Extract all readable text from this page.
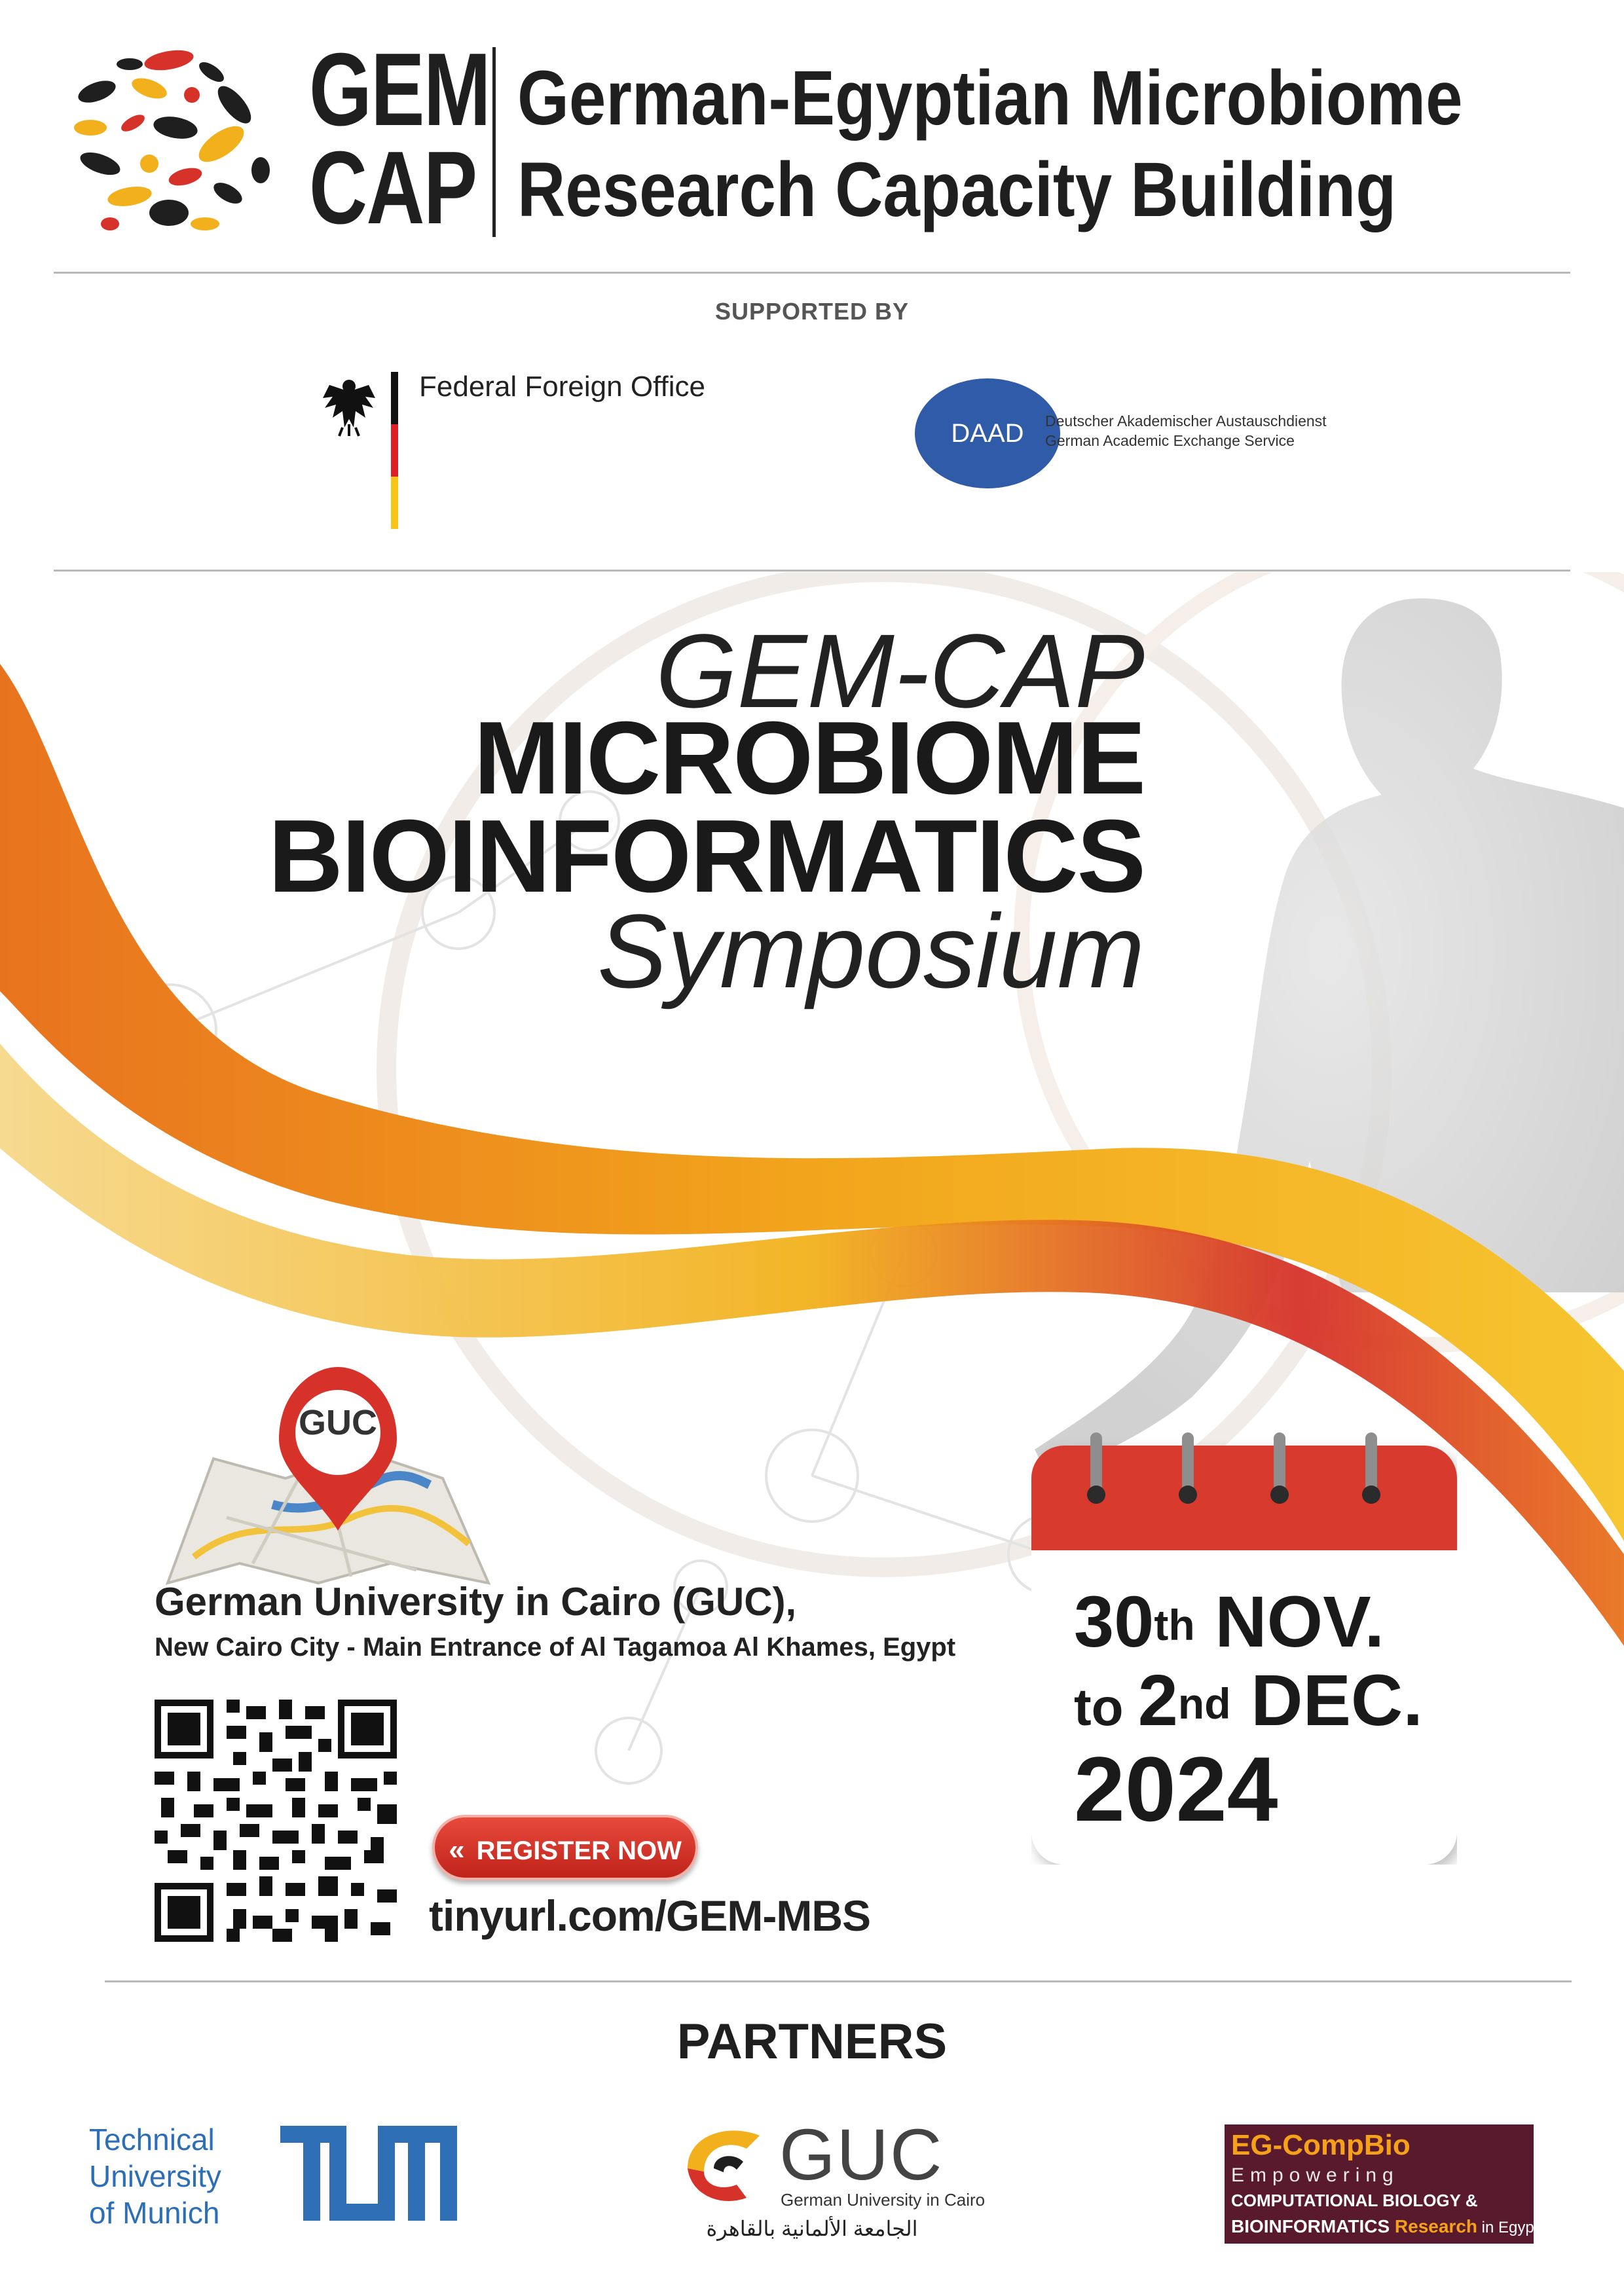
GEM
CAP
German-Egyptian Microbiome
Research Capacity Building
SUPPORTED BY
Federal Foreign Office
DAAD	Deutscher Akademischer Austauschdienst
German Academic Exchange Service
GEM-CAP
MICROBIOME
BIOINFORMATICS
Symposium
GUC
German University in Cairo (GUC),
New Cairo City - Main Entrance of Al Tagamoa Al Khames, Egypt
« REGISTER NOW
tinyurl.com/GEM-MBS
30th NOV.
to 2nd DEC.
2024
PARTNERS
Technical
University
of Munich
GUC
German University in Cairo
الجامعة الألمانية بالقاهرة
EG-CompBio
Empowering
COMPUTATIONAL BIOLOGY &
BIOINFORMATICS Research in Egypt
